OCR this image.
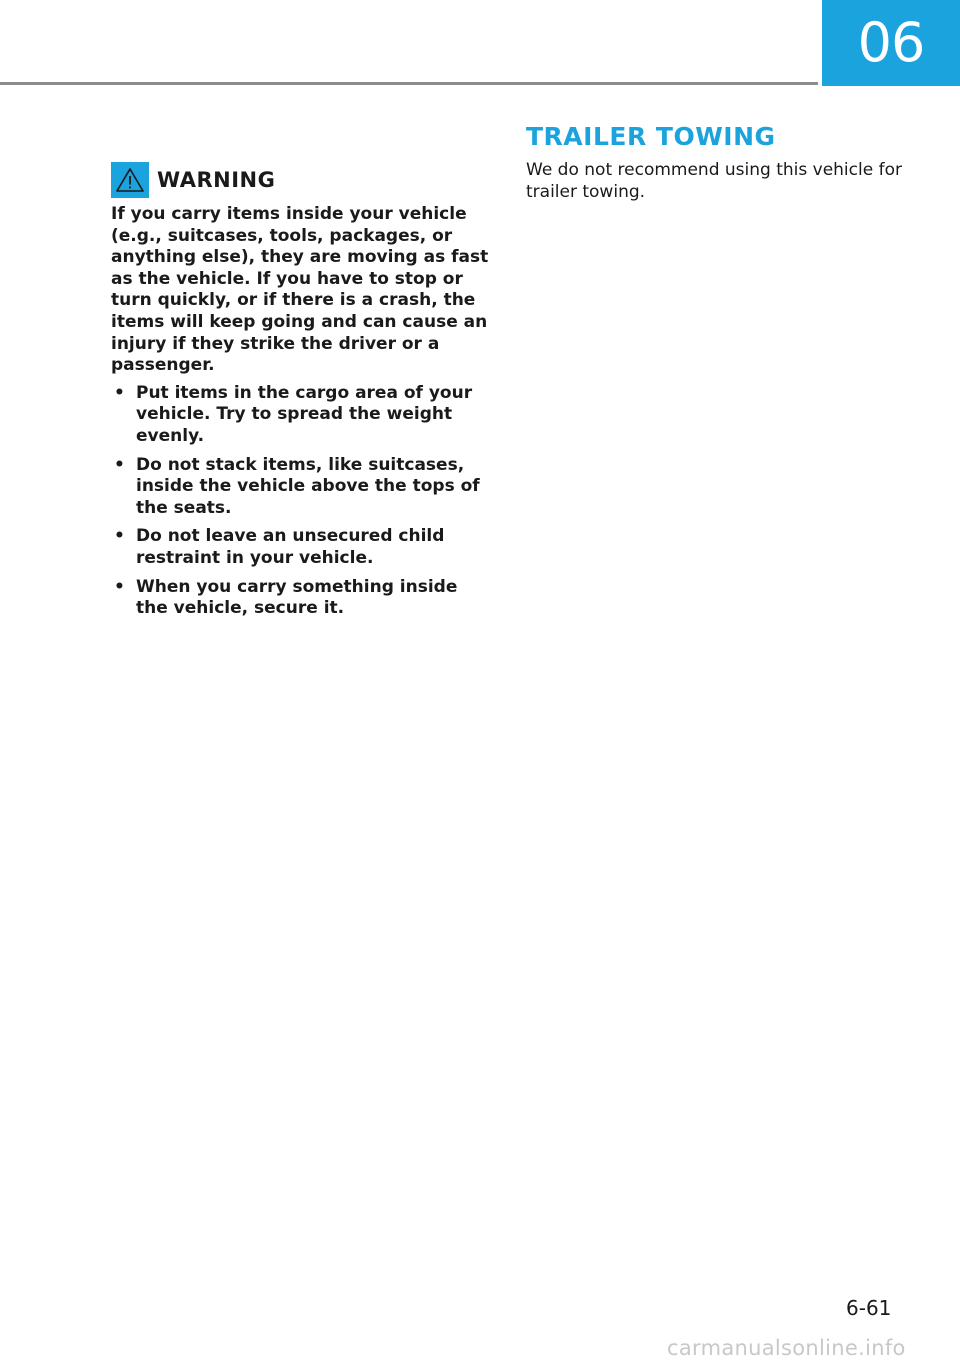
06
WARNING

If you carry items inside your vehicle (e.g., suitcases, tools, packages, or anything else), they are moving as fast as the vehicle. If you have to stop or turn quickly, or if there is a crash, the items will keep going and can cause an injury if they strike the driver or a passenger.

• Put items in the cargo area of your vehicle. Try to spread the weight evenly.
• Do not stack items, like suitcases, inside the vehicle above the tops of the seats.
• Do not leave an unsecured child restraint in your vehicle.
• When you carry something inside the vehicle, secure it.
TRAILER TOWING

We do not recommend using this vehicle for trailer towing.

6-61
carmanualsonline.info
